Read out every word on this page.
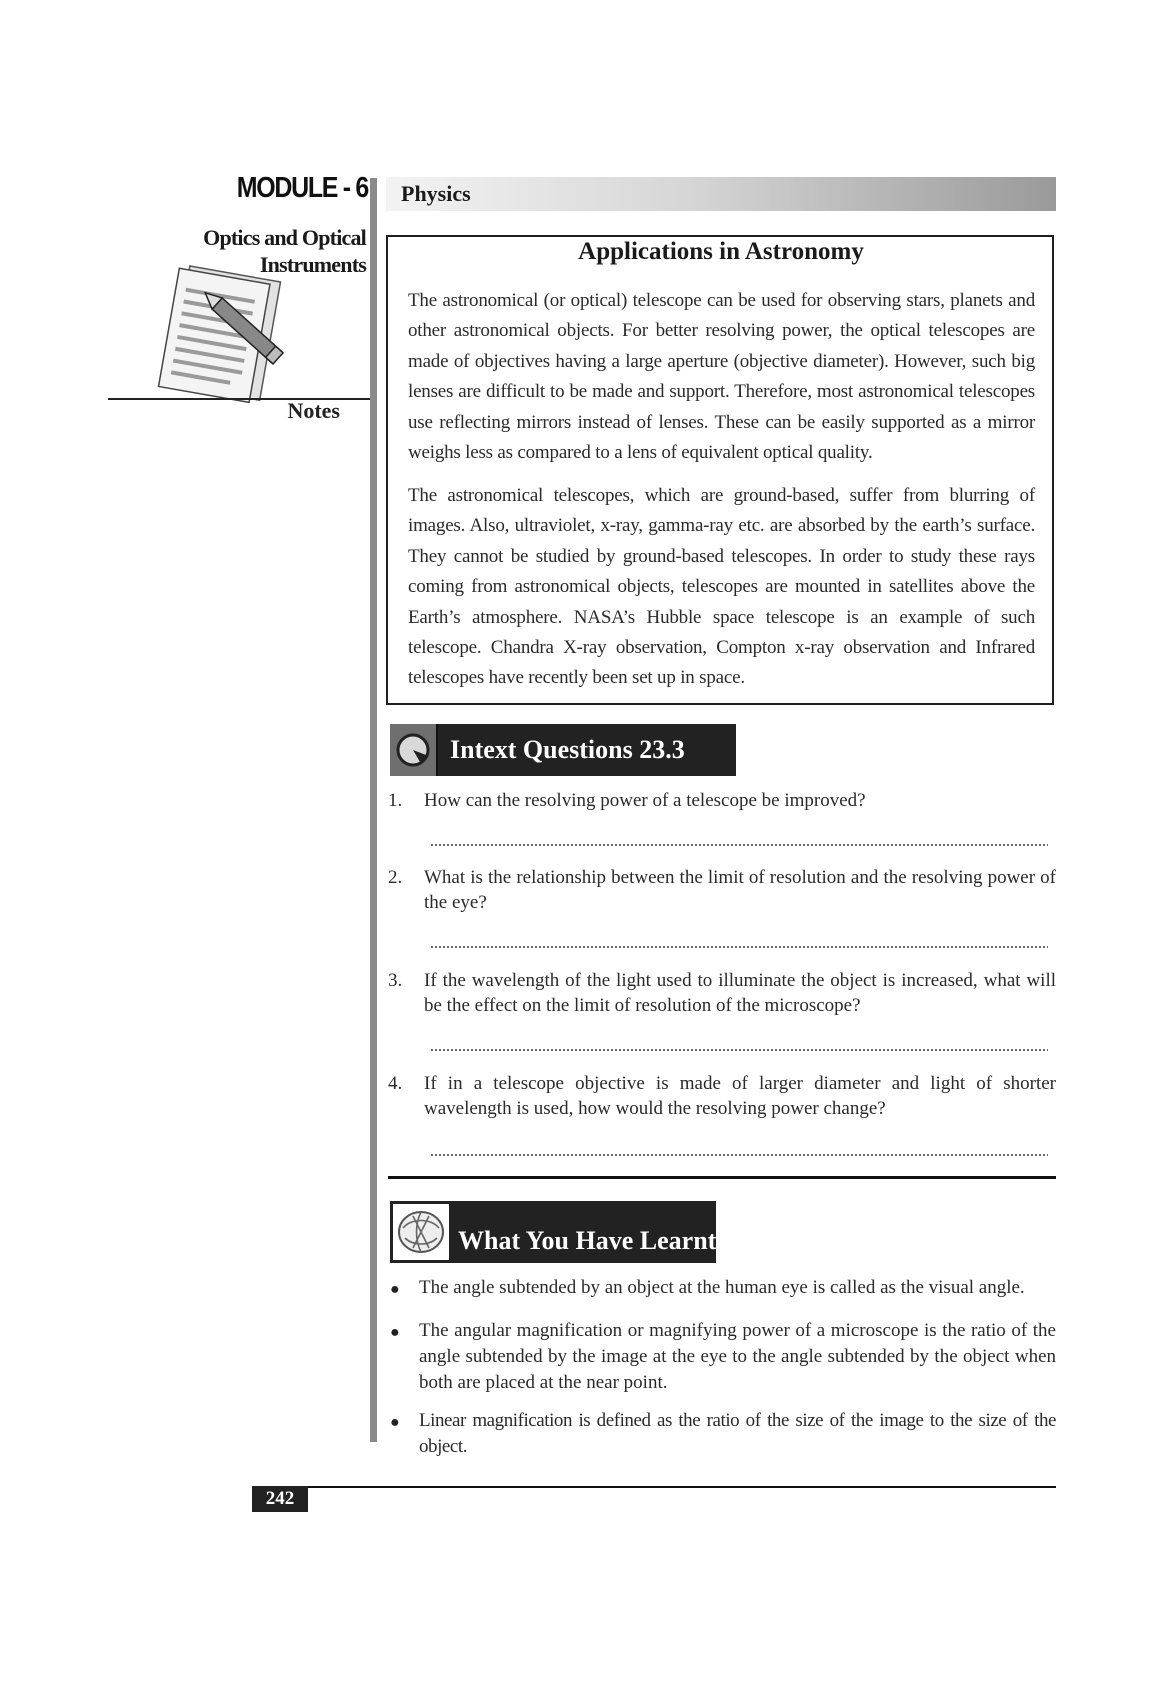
MODULE - 6
Optics and Optical Instruments
Notes
Physics
Applications in Astronomy
The astronomical (or optical) telescope can be used for observing stars, planets and other astronomical objects. For better resolving power, the optical telescopes are made of objectives having a large aperture (objective diameter). However, such big lenses are difficult to be made and support. Therefore, most astronomical telescopes use reflecting mirrors instead of lenses. These can be easily supported as a mirror weighs less as compared to a lens of equivalent optical quality.
The astronomical telescopes, which are ground-based, suffer from blurring of images. Also, ultraviolet, x-ray, gamma-ray etc. are absorbed by the earth’s surface. They cannot be studied by ground-based telescopes. In order to study these rays coming from astronomical objects, telescopes are mounted in satellites above the Earth’s atmosphere. NASA’s Hubble space telescope is an example of such telescope. Chandra X-ray observation, Compton x-ray observation and Infrared telescopes have recently been set up in space.
Intext Questions 23.3
1. How can the resolving power of a telescope be improved?
2. What is the relationship between the limit of resolution and the resolving power of the eye?
3. If the wavelength of the light used to illuminate the object is increased, what will be the effect on the limit of resolution of the microscope?
4. If in a telescope objective is made of larger diameter and light of shorter wavelength is used, how would the resolving power change?
What You Have Learnt
● The angle subtended by an object at the human eye is called as the visual angle.
● The angular magnification or magnifying power of a microscope is the ratio of the angle subtended by the image at the eye to the angle subtended by the object when both are placed at the near point.
● Linear magnification is defined as the ratio of the size of the image to the size of the object.
242
